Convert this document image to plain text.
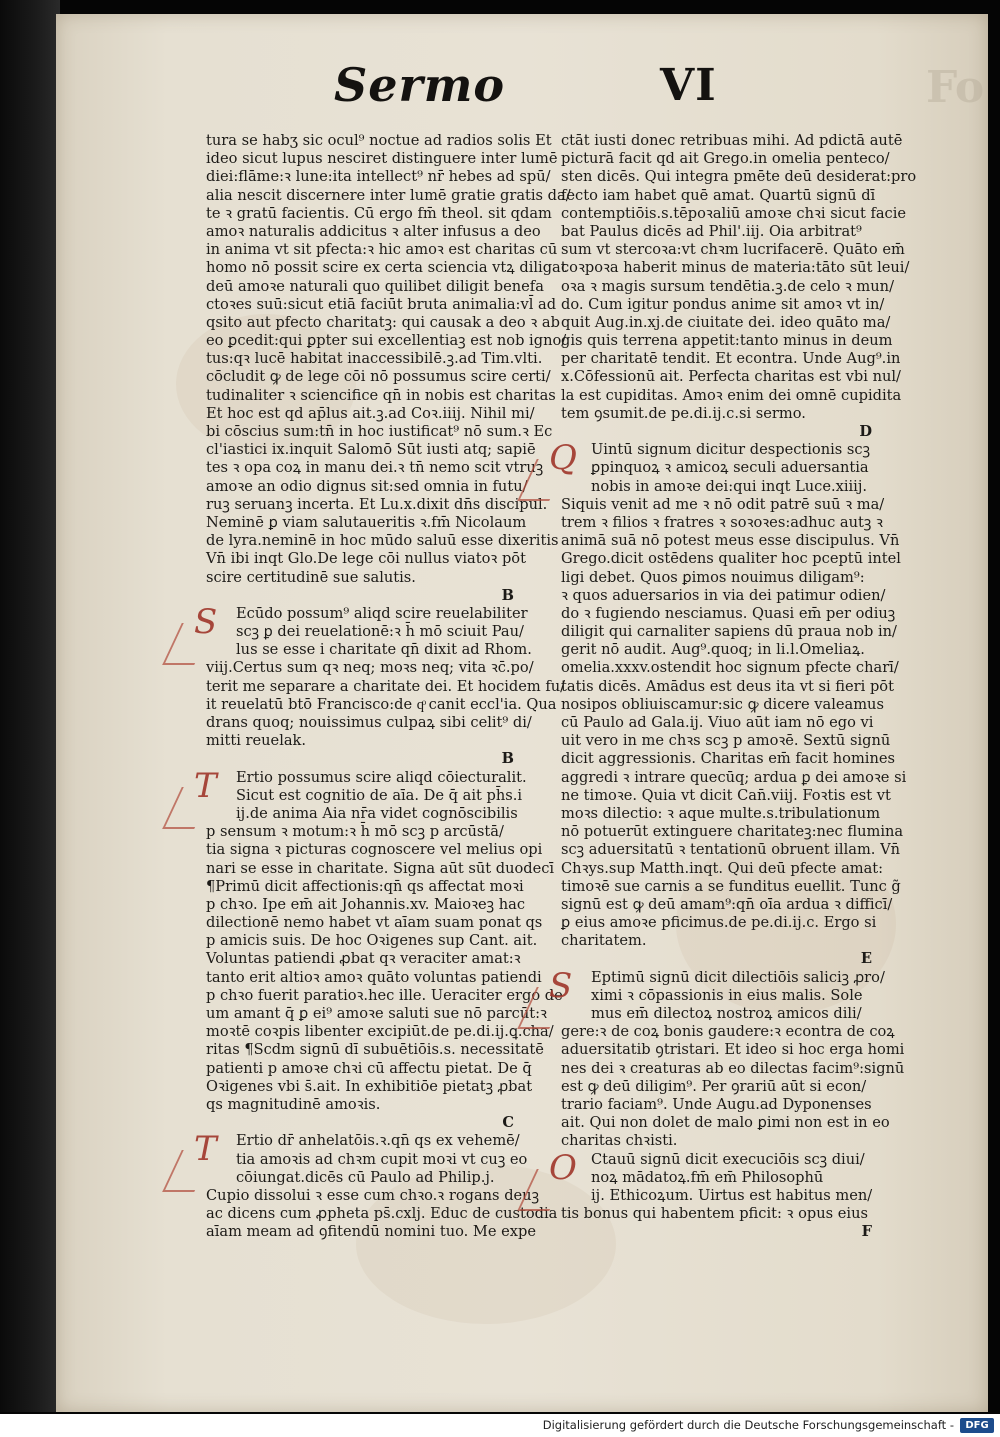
Sermo	VI	Fo
tura se habʒ sic ocul⁹ noctue ad radios solis Et
ideo sicut lupus nesciret distinguere inter lumē
diei:flāme:ꝛ lune:ita intellect⁹ nr̄ hebes ad spū/
alia nescit discernere inter lumē gratie gratis da/
te ꝛ gratū facientis. Cū ergo fm̄ theol. sit qdam
amoꝛ naturalis addicitus ꝛ alter infusus a deo
in anima vt sit pfecta:ꝛ hic amoꝛ est charitas cū
homo nō possit scire ex certa sciencia vtꝝ diligat
deū amoꝛe naturali quo quilibet diligit benefa
ctoꝛes suū:sicut etiā faciūt bruta animalia:vl̄ ad
qsito aut pfecto charitatꝫ: qui causak a deo ꝛ ab
eo ꝑcedit:qui ꝑpter sui excellentiaꝫ est nob igno/
tus:qꝛ lucē habitat inaccessibilē.ꝫ.ad Tim.vlti.
cōcludit ꝙ de lege cōi nō possumus scire certi/
tudinaliter ꝛ sciencifice qn̄ in nobis est charitas
Et hoc est qd ap̄lus ait.ꝫ.ad Coꝛ.iiij. Nihil mi/
bi cōscius sum:tn̄ in hoc iustificat⁹ nō sum.ꝛ Ec
cl'iastici ix.inquit Salomō Sūt iusti atq; sapiē
tes ꝛ opa coꝝ in manu dei.ꝛ tn̄ nemo scit vtruꝫ
amoꝛe an odio dignus sit:sed omnia in futu/
ruꝫ seruanꝫ incerta. Et Lu.x.dixit dn̄s discipul.
Neminē ꝑ viam salutaueritis ꝛ.fm̄ Nicolaum
de lyra.neminē in hoc mūdo saluū esse dixeritis
Vn̄ ibi inqt Glo.De lege cōi nullus viatoꝛ pōt
scire certitudinē sue salutis.
B
S	Ecūdo possum⁹ aliqd scire reuelabiliter
scꝫ ꝑ dei reuelationē:ꝛ h̄ mō sciuit Pau/
lus se esse i charitate qn̄ dixit ad Rhom.
viij.Certus sum qꝛ neq; moꝛs neq; vita ꝛc̄.po/
terit me separare a charitate dei. Et hocidem fu/
it reuelatū btō Francisco:de qͦ canit eccl'ia. Qua
drans quoq; nouissimus culpaꝝ sibi celit⁹ di/
mitti reuelak.
B
T	Ertio possumus scire aliqd cōiecturalit.
Sicut est cognitio de aīa. De q̄ ait ph̄s.i
ij.de anima Aia nr̄a videt cognōscibilis
p sensum ꝛ motum:ꝛ h̄ mō scꝫ p arcūstā/
tia signa ꝛ picturas cognoscere vel melius opi
nari se esse in charitate. Signa aūt sūt duodecī
¶Primū dicit affectionis:qn̄ qs affectat moꝛi
p chꝛo. Ipe em̄ ait Johannis.xv. Maioꝛeꝫ hac
dilectionē nemo habet vt aīam suam ponat qs
p amicis suis. De hoc Oꝛigenes sup Cant. ait.
Voluntas patiendi ꝓbat qꝛ veraciter amat:ꝛ
tanto erit altioꝛ amoꝛ quāto voluntas patiendi
p chꝛo fuerit paratioꝛ.hec ille. Ueraciter ergo de
um amant q̄ ꝑ ei⁹ amoꝛe saluti sue nō parcūt:ꝛ
moꝛtē coꝛpis libenter excipiūt.de pe.di.ij.ꝗ.cha/
ritas ¶Scdm signū dī subuētiōis.s. necessitatē
patienti p amoꝛe chꝛi cū affectu pietat. De q̄
Oꝛigenes vbi s̄.ait. In exhibitiōe pietatꝫ ꝓbat
qs magnitudinē amoꝛis.
C
T	Ertio dr̄ anhelatōis.ꝛ.qn̄ qs ex vehemē/
tia amoꝛis ad chꝛm cupit moꝛi vt cuꝫ eo
cōiungat.dicēs cū Paulo ad Philip.j.
Cupio dissolui ꝛ esse cum chꝛo.ꝛ rogans deuꝫ
ac dicens cum ꝓpheta ps̄.cxlj. Educ de custodia
aīam meam ad ꝯfitendū nomini tuo. Me expe
ctāt iusti donec retribuas mihi. Ad pdictā autē
picturā facit qd ait Grego.in omelia penteco/
sten dicēs. Qui integra pmēte deū desiderat:pro
fecto iam habet quē amat. Quartū signū dī
contemptiōis.s.tēpoꝛaliū amoꝛe chꝛi sicut facie
bat Paulus dicēs ad Phil'.iij. Oia arbitrat⁹
sum vt stercoꝛa:vt chꝛm lucrifacerē. Quāto em̄
coꝛpoꝛa haberit minus de materia:tāto sūt leui/
oꝛa ꝛ magis sursum tendētia.ꝫ.de celo ꝛ mun/
do. Cum igitur pondus anime sit amoꝛ vt in/
quit Aug.in.xj.de ciuitate dei. ideo quāto ma/
gis quis terrena appetit:tanto minus in deum
per charitatē tendit. Et econtra. Unde Aug⁹.in
x.Cōfessionū ait. Perfecta charitas est vbi nul/
la est cupiditas. Amoꝛ enim dei omnē cupidita
tem ꝯsumit.de pe.di.ij.c.si sermo.
D
Q Uintū signum dicitur despectionis scꝫ
ꝑpinquoꝝ ꝛ amicoꝝ seculi aduersantia
nobis in amoꝛe dei:qui inqt Luce.xiiij.
Siquis venit ad me ꝛ nō odit patrē suū ꝛ ma/
trem ꝛ filios ꝛ fratres ꝛ soꝛoꝛes:adhuc autꝫ ꝛ
animā suā nō potest meus esse discipulus. Vn̄
Grego.dicit ostēdens qualiter hoc pceptū intel
ligi debet. Quos ꝑimos nouimus diligam⁹:
ꝛ quos aduersarios in via dei patimur odien/
do ꝛ fugiendo nesciamus. Quasi em̄ per odiuꝫ
diligit qui carnaliter sapiens dū praua nob in/
gerit nō audit. Aug⁹.quoq; in li.l.Omeliaꝝ.
omelia.xxxv.ostendit hoc signum pfecte charī/
tatis dicēs. Amādus est deus ita vt si fieri pōt
nosipos obliuiscamur:sic ꝙ dicere valeamus
cū Paulo ad Gala.ij. Viuo aūt iam nō ego vi
uit vero in me chꝛs scꝫ p amoꝛē. Sextū signū
dicit aggressionis. Charitas em̄ facit homines
aggredi ꝛ intrare quecūq; ardua ꝑ dei amoꝛe si
ne timoꝛe. Quia vt dicit Can̄.viij. Foꝛtis est vt
moꝛs dilectio: ꝛ aque multe.s.tribulationum
nō potuerūt extinguere charitateꝫ:nec flumina
scꝫ aduersitatū ꝛ tentationū obruent illam. Vn̄
Chꝛys.sup Matth.inqt. Qui deū pfecte amat:
timoꝛē sue carnis a se funditus euellit. Tunc g̃
signū est ꝙ deū amam⁹:qn̄ oīa ardua ꝛ difficī/
ꝑ eius amoꝛe pficimus.de pe.di.ij.c. Ergo si
charitatem.
E
S	Eptimū signū dicit dilectiōis saliciꝫ ꝓro/
ximi ꝛ cōpassionis in eius malis. Sole
mus em̄ dilectoꝝ nostroꝝ amicos dili/
gere:ꝛ de coꝝ bonis gaudere:ꝛ econtra de coꝝ
aduersitatib ꝯtristari. Et ideo si hoc erga homi
nes dei ꝛ creaturas ab eo dilectas facim⁹:signū
est ꝙ deū diligim⁹. Per ꝯrariū aūt si econ/
trario faciam⁹. Unde Augu.ad Dyponenses
ait. Qui non dolet de malo ꝑimi non est in eo
charitas chꝛisti.
O Ctauū signū dicit execuciōis scꝫ diui/
noꝝ mādatoꝝ.fm̄ em̄ Philosophū
ij. Ethicoꝝum. Uirtus est habitus men/
tis bonus qui habentem pficit: ꝛ opus eius
F
Digitalisierung gefördert durch die Deutsche Forschungsgemeinschaft -	DFG
